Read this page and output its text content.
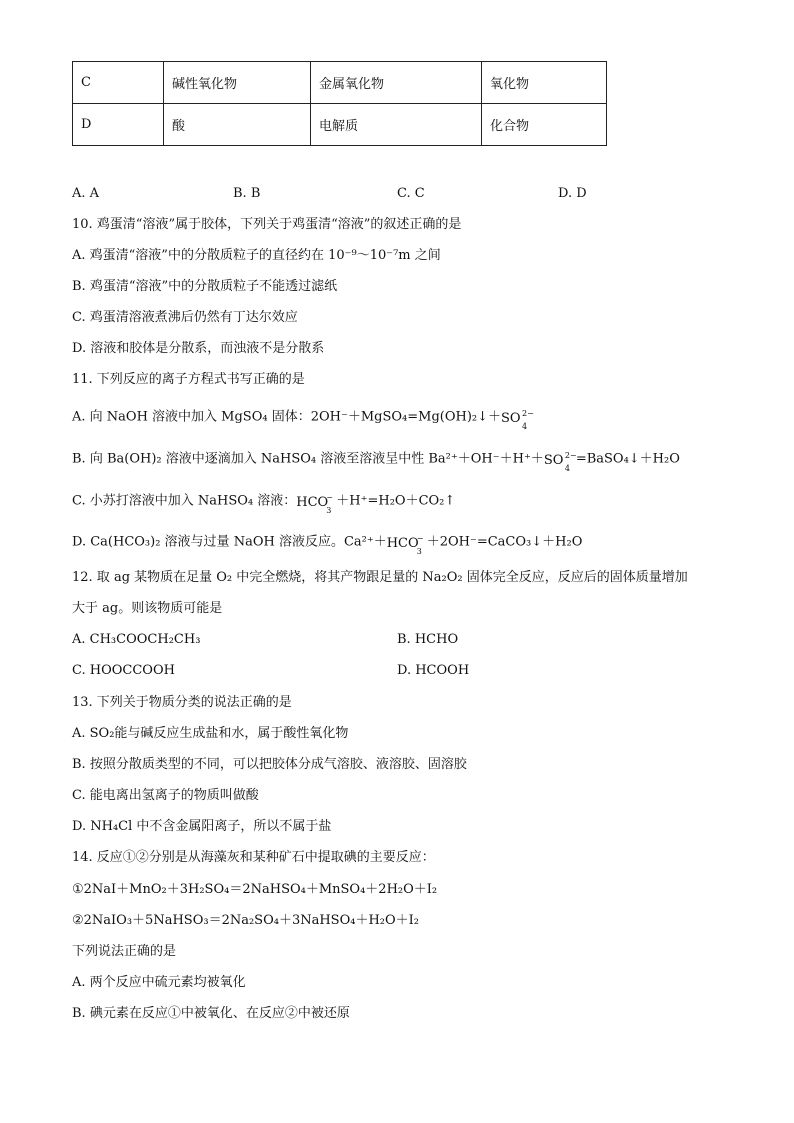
C	碱性氧化物	金属氧化物	氧化物
D	酸	电解质	化合物
A. A	B. B	C. C	D. D
10. 鸡蛋清“溶液”属于胶体，下列关于鸡蛋清“溶液”的叙述正确的是
A. 鸡蛋清“溶液”中的分散质粒子的直径约在 10⁻⁹～10⁻⁷m 之间
B. 鸡蛋清“溶液”中的分散质粒子不能透过滤纸
C. 鸡蛋清溶液煮沸后仍然有丁达尔效应
D. 溶液和胶体是分散系，而浊液不是分散系
11. 下列反应的离子方程式书写正确的是
A. 向 NaOH 溶液中加入 MgSO₄ 固体：2OH⁻＋MgSO₄=Mg(OH)₂↓＋ SO 2−
4
B. 向 Ba(OH)₂ 溶液中逐滴加入 NaHSO₄ 溶液至溶液呈中性 Ba²⁺＋OH⁻＋H⁺＋ SO 2−
4
=BaSO₄↓＋H₂O
C. 小苏打溶液中加入 NaHSO₄ 溶液： HCO
−
3
＋H⁺=H₂O＋CO₂↑
D. Ca(HCO₃)₂ 溶液与过量 NaOH 溶液反应。Ca²⁺＋ HCO
−
3
＋2OH⁻=CaCO₃↓＋H₂O
12. 取 ag 某物质在足量 O₂ 中完全燃烧，将其产物跟足量的 Na₂O₂ 固体完全反应，反应后的固体质量增加
大于 ag。则该物质可能是
A. CH₃COOCH₂CH₃	B. HCHO
C. HOOCCOOH	D. HCOOH
13. 下列关于物质分类的说法正确的是
A. SO₂能与碱反应生成盐和水，属于酸性氧化物
B. 按照分散质类型的不同，可以把胶体分成气溶胶、液溶胶、固溶胶
C. 能电离出氢离子的物质叫做酸
D. NH₄Cl 中不含金属阳离子，所以不属于盐
14. 反应①②分别是从海藻灰和某种矿石中提取碘的主要反应：
①2NaI＋MnO₂＋3H₂SO₄＝2NaHSO₄＋MnSO₄＋2H₂O＋I₂
②2NaIO₃＋5NaHSO₃＝2Na₂SO₄＋3NaHSO₄＋H₂O＋I₂
下列说法正确的是
A. 两个反应中硫元素均被氧化
B. 碘元素在反应①中被氧化、在反应②中被还原
